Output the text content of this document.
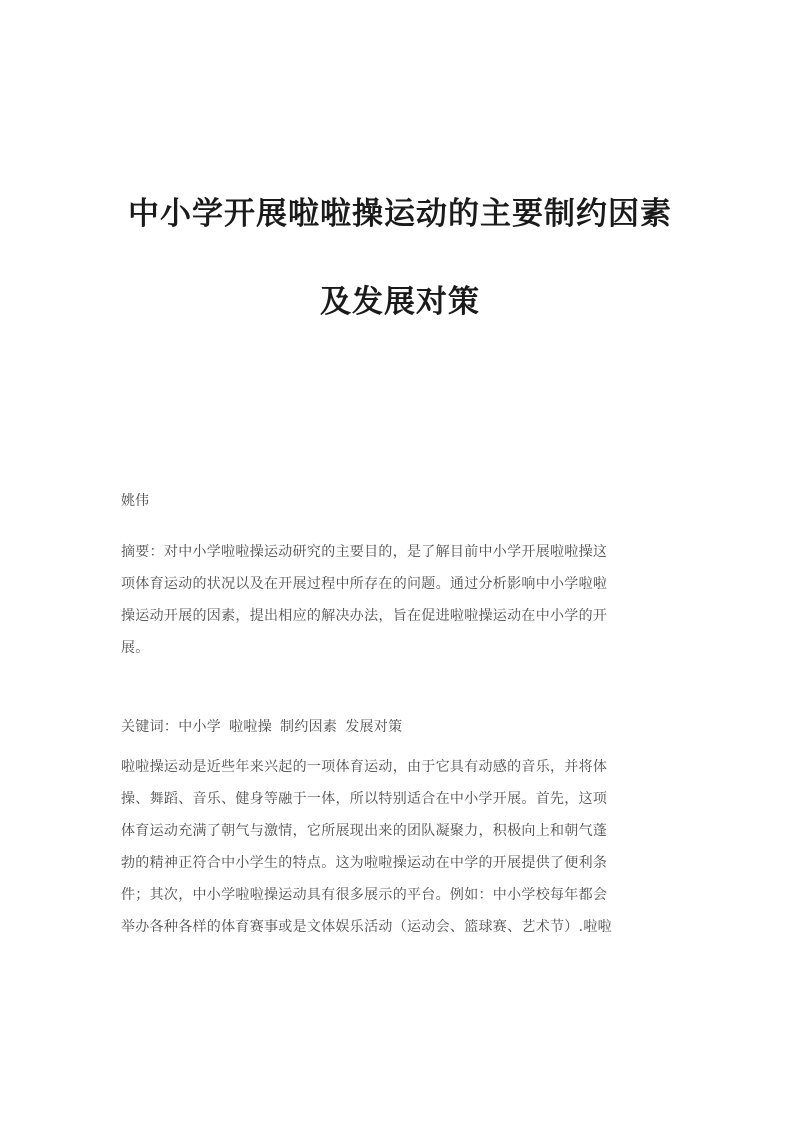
中小学开展啦啦操运动的主要制约因素
及发展对策
姚伟
摘要：对中小学啦啦操运动研究的主要目的，是了解目前中小学开展啦啦操这
项体育运动的状况以及在开展过程中所存在的问题。通过分析影响中小学啦啦
操运动开展的因素，提出相应的解决办法，旨在促进啦啦操运动在中小学的开
展。
关键词：中小学 啦啦操 制约因素 发展对策
啦啦操运动是近些年来兴起的一项体育运动，由于它具有动感的音乐，并将体
操、舞蹈、音乐、健身等融于一体，所以特别适合在中小学开展。首先，这项
体育运动充满了朝气与激情，它所展现出来的团队凝聚力，积极向上和朝气蓬
勃的精神正符合中小学生的特点。这为啦啦操运动在中学的开展提供了便利条
件；其次，中小学啦啦操运动具有很多展示的平台。例如：中小学校每年都会
举办各种各样的体育赛事或是文体娱乐活动（运动会、篮球赛、艺术节）.啦啦
